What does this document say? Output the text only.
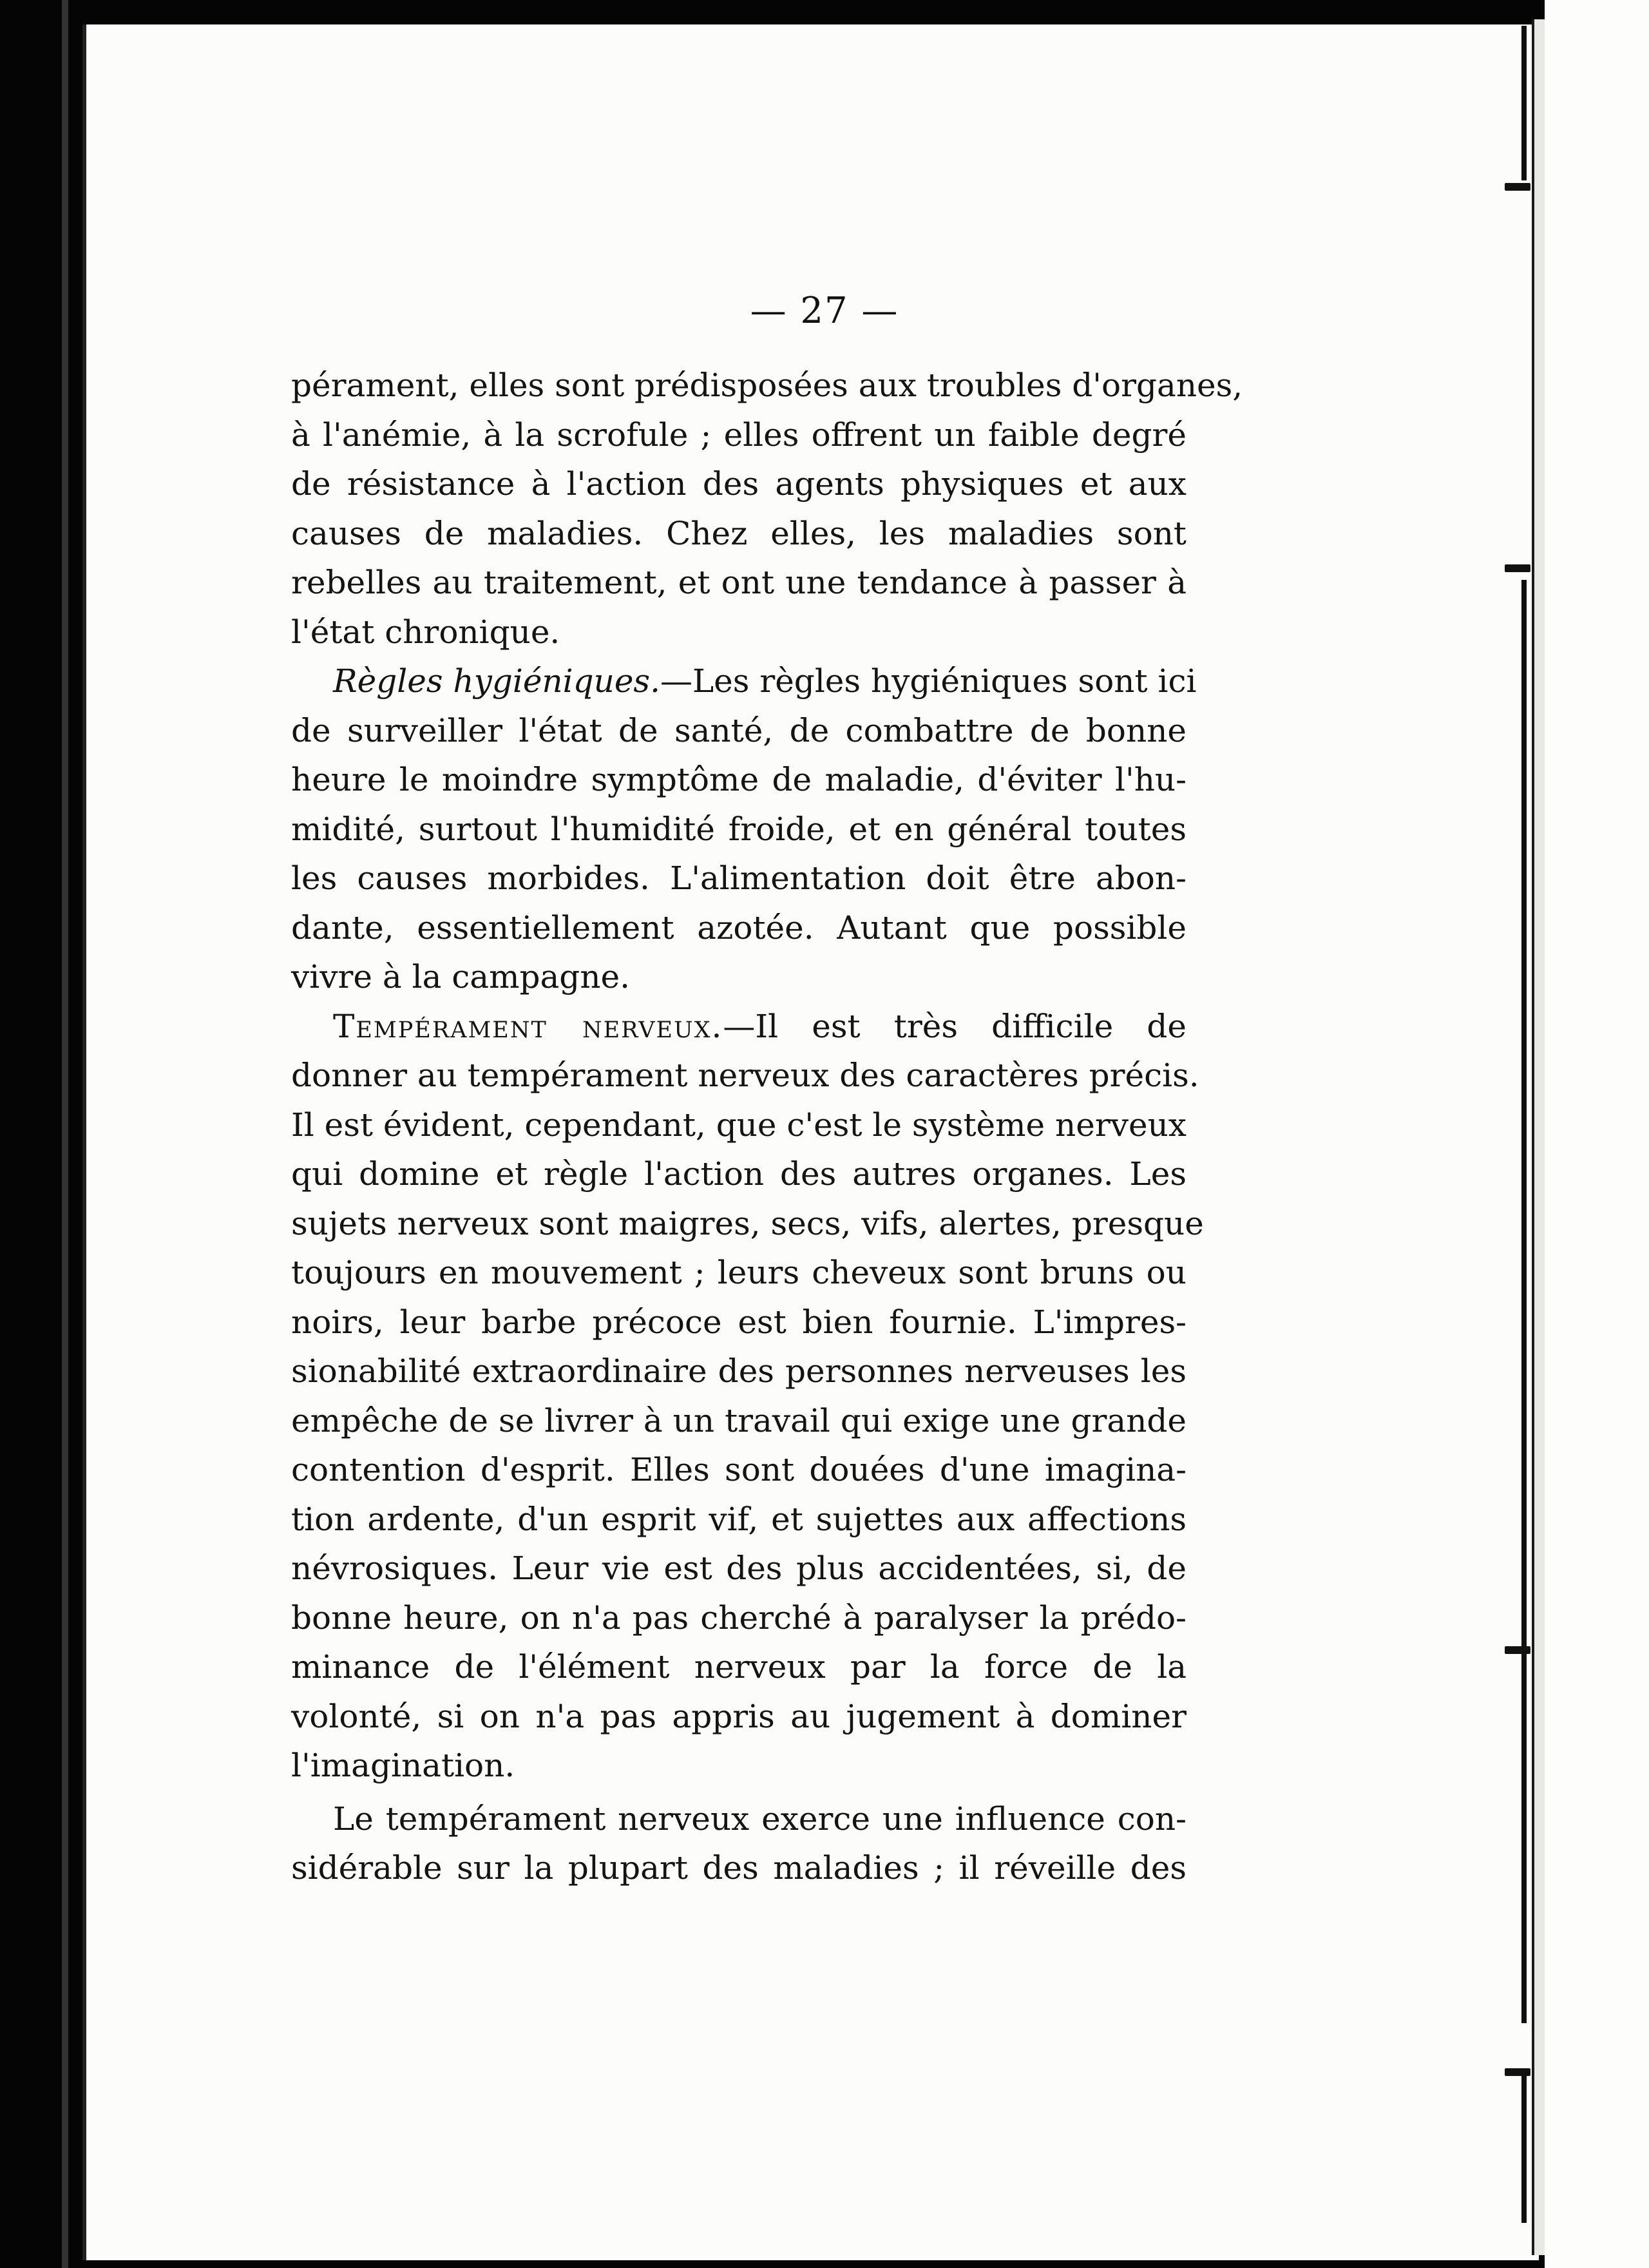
— 27 —

pérament, elles sont prédisposées aux troubles d'organes,
à l'anémie, à la scrofule ; elles offrent un faible degré
de résistance à l'action des agents physiques et aux
causes de maladies. Chez elles, les maladies sont
rebelles au traitement, et ont une tendance à passer à
l'état chronique.

Règles hygiéniques.—Les règles hygiéniques sont ici
de surveiller l'état de santé, de combattre de bonne
heure le moindre symptôme de maladie, d'éviter l'hu-
midité, surtout l'humidité froide, et en général toutes
les causes morbides. L'alimentation doit être abon-
dante, essentiellement azotée. Autant que possible
vivre à la campagne.

Tempérament nerveux.—Il est très difficile de
donner au tempérament nerveux des caractères précis.
Il est évident, cependant, que c'est le système nerveux
qui domine et règle l'action des autres organes. Les
sujets nerveux sont maigres, secs, vifs, alertes, presque
toujours en mouvement ; leurs cheveux sont bruns ou
noirs, leur barbe précoce est bien fournie. L'impres-
sionabilité extraordinaire des personnes nerveuses les
empêche de se livrer à un travail qui exige une grande
contention d'esprit. Elles sont douées d'une imagina-
tion ardente, d'un esprit vif, et sujettes aux affections
névrosiques. Leur vie est des plus accidentées, si, de
bonne heure, on n'a pas cherché à paralyser la prédo-
minance de l'élément nerveux par la force de la
volonté, si on n'a pas appris au jugement à dominer
l'imagination.

Le tempérament nerveux exerce une influence con-
sidérable sur la plupart des maladies ; il réveille des
